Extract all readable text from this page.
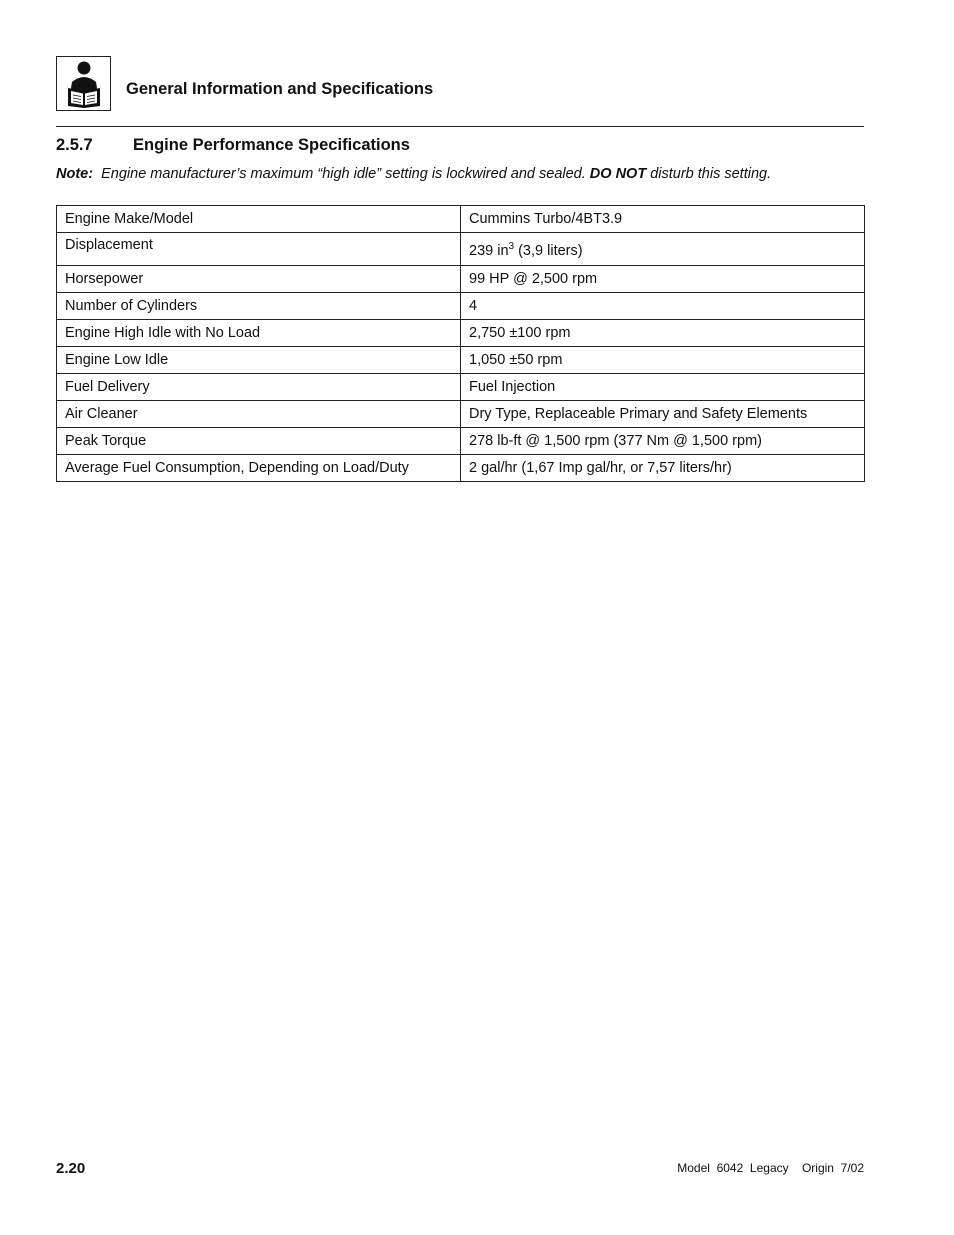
General Information and Specifications
2.5.7 Engine Performance Specifications
Note: Engine manufacturer’s maximum “high idle” setting is lockwired and sealed. DO NOT disturb this setting.
Engine Make/Model	Cummins Turbo/4BT3.9
Displacement	239 $in^3$ (3,9 liters)
Horsepower	99 HP @ 2,500 rpm
Number of Cylinders	4
Engine High Idle with No Load	2,750 ±100 rpm
Engine Low Idle	1,050 ±50 rpm
Fuel Delivery	Fuel Injection
Air Cleaner	Dry Type, Replaceable Primary and Safety Elements
Peak Torque	278 lb-ft @ 1,500 rpm (377 Nm @ 1,500 rpm)
Average Fuel Consumption, Depending on Load/Duty	2 gal/hr (1,67 Imp gal/hr, or 7,57 liters/hr)
2.20	Model  6042  Legacy    Origin  7/02
